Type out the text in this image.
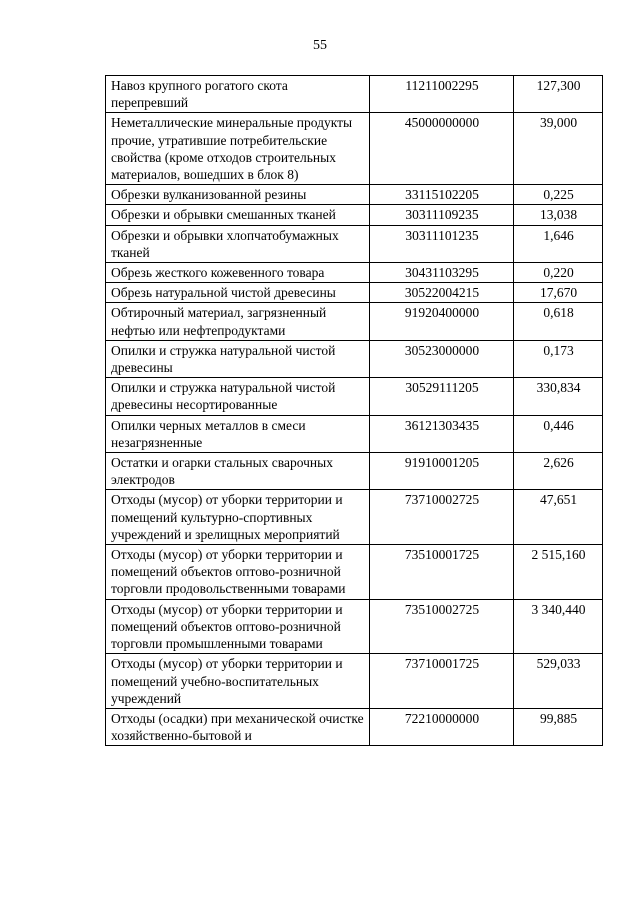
55
Навоз крупного рогатого скота перепревший	11211002295	127,300
Неметаллические минеральные продукты прочие, утратившие потребительские свойства (кроме отходов строительных материалов, вошедших в блок 8)	45000000000	39,000
Обрезки вулканизованной резины	33115102205	0,225
Обрезки и обрывки смешанных тканей	30311109235	13,038
Обрезки и обрывки хлопчатобумажных тканей	30311101235	1,646
Обрезь жесткого кожевенного товара	30431103295	0,220
Обрезь натуральной чистой древесины	30522004215	17,670
Обтирочный материал, загрязненный нефтью или нефтепродуктами	91920400000	0,618
Опилки и стружка натуральной чистой древесины	30523000000	0,173
Опилки и стружка натуральной чистой древесины несортированные	30529111205	330,834
Опилки черных металлов в смеси незагрязненные	36121303435	0,446
Остатки и огарки стальных сварочных электродов	91910001205	2,626
Отходы (мусор) от уборки территории и помещений культурно-спортивных учреждений и зрелищных мероприятий	73710002725	47,651
Отходы (мусор) от уборки территории и помещений объектов оптово-розничной торговли продовольственными товарами	73510001725	2 515,160
Отходы (мусор) от уборки территории и помещений объектов оптово-розничной торговли промышленными товарами	73510002725	3 340,440
Отходы (мусор) от уборки территории и помещений учебно-воспитательных учреждений	73710001725	529,033
Отходы (осадки) при механической очистке хозяйственно-бытовой и	72210000000	99,885
